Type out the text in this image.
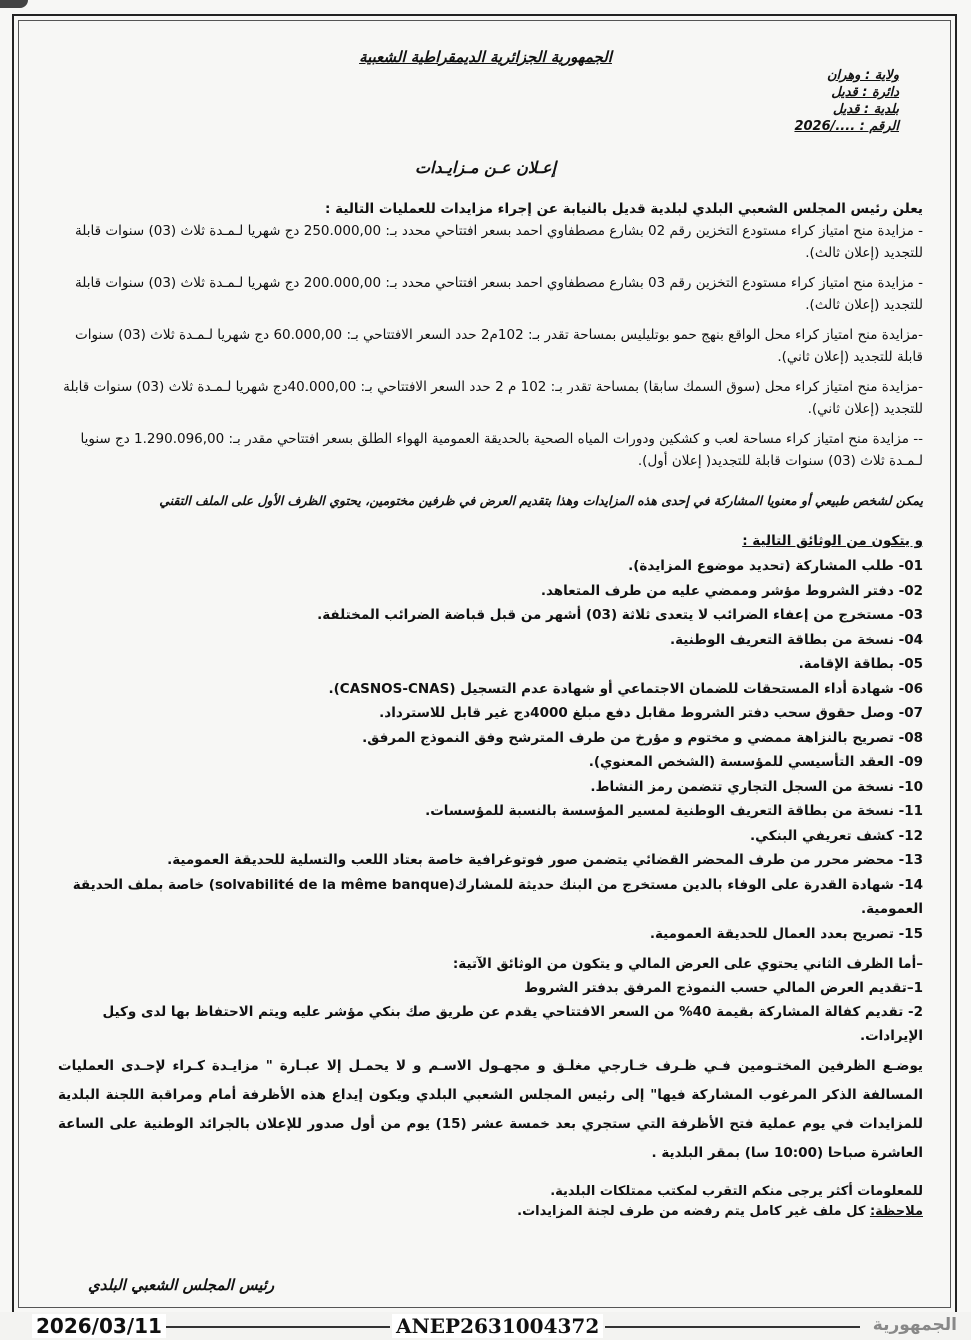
الجمهورية الجزائرية الديمقراطية الشعبية
ولاية : وهران
دائرة : قديل
بلدية : قديل
الرقم : ..../2026
إعـلان عـن مـزايـدات

يعلن رئيس المجلس الشعبي البلدي لبلدية قديل بالنيابة عن إجراء مزايدات للعمليات التالية :

- مزايدة منح امتياز كراء مستودع التخزين رقم 02 بشارع مصطفاوي احمد بسعر افتتاحي محدد بـ: 250.000,00 دج شهريا لـمـدة ثلاث (03) سنوات قابلة للتجديد (إعلان ثالث).

- مزايدة منح امتياز كراء مستودع التخزين رقم 03 بشارع مصطفاوي احمد بسعر افتتاحي محدد بـ: 200.000,00 دج شهريا لـمـدة ثلاث (03) سنوات قابلة للتجديد (إعلان ثالث).

-مزايدة منح امتياز كراء محل الواقع بنهج حمو بوتليليس بمساحة تقدر بـ: 102م2 حدد السعر الافتتاحي بـ: 60.000,00 دج شهريا لـمـدة ثلاث (03) سنوات قابلة للتجديد (إعلان ثاني).

-مزايدة منح امتياز كراء محل (سوق السمك سابقا) بمساحة تقدر بـ: 102 م 2 حدد السعر الافتتاحي بـ: 40.000,00دج شهريا لـمـدة ثلاث (03) سنوات قابلة للتجديد (إعلان ثاني).

-- مزايدة منح امتياز كراء مساحة لعب و كشكين ودورات المياه الصحية بالحديقة العمومية الهواء الطلق بسعر افتتاحي مقدر بـ: 1.290.096,00 دج سنويا لـمـدة ثلاث (03) سنوات قابلة للتجديد( إعلان أول).

يمكن لشخص طبيعي أو معنويا المشاركة في إحدى هذه المزايدات وهذا بتقديم العرض في ظرفين مختومين، يحتوي الظرف الأول على الملف التقني

و يتكون من الوثائق التالية :

01- طلب المشاركة (تحديد موضوع المزايدة).
02- دفتر الشروط مؤشر وممضي عليه من طرف المتعاهد.
03- مستخرج من إعفاء الضرائب لا يتعدى ثلاثة (03) أشهر من قبل قباضة الضرائب المختلفة.
04- نسخة من بطاقة التعريف الوطنية.
05- بطاقة الإقامة.
06- شهادة أداء المستحقات للضمان الاجتماعي أو شهادة عدم التسجيل (CASNOS-CNAS).
07- وصل حقوق سحب دفتر الشروط مقابل دفع مبلغ 4000دج غير قابل للاسترداد.
08- تصريح بالنزاهة ممضي و مختوم و مؤرخ من طرف المترشح وفق النموذج المرفق.
09- العقد التأسيسي للمؤسسة (الشخص المعنوي).
10- نسخة من السجل التجاري تتضمن رمز النشاط.
11- نسخة من بطاقة التعريف الوطنية لمسير المؤسسة بالنسبة للمؤسسات.
12- كشف تعريفي البنكي.
13- محضر محرر من طرف المحضر القضائي يتضمن صور فوتوغرافية خاصة بعتاد اللعب والتسلية للحديقة العمومية.
14- شهادة القدرة على الوفاء بالدين مستخرج من البنك حديثة للمشارك(solvabilité de la même banque) خاصة بملف الحديقة العمومية.
15- تصريح بعدد العمال للحديقة العمومية.

–أما الظرف الثاني يحتوي على العرض المالي و يتكون من الوثائق الآتية:

1–تقديم العرض المالي حسب النموذج المرفق بدفتر الشروط

2- تقديم كفالة المشاركة بقيمة 40% من السعر الافتتاحي يقدم عن طريق صك بنكي مؤشر عليه ويتم الاحتفاظ بها لدى وكيل الإيرادات.

يوضـع الظرفين المختـومين فـي ظـرف خـارجي مغلـق و مجهـول الاسـم و لا يحمـل إلا عبـارة " مزايـدة كـراء لإحـدى العمليات المسالفة الذكر المرغوب المشاركة فيها" إلى رئيس المجلس الشعبي البلدي ويكون إيداع هذه الأظرفة أمام ومراقبة اللجنة البلدية للمزايدات في يوم عملية فتح الأظرفة التي ستجري بعد خمسة عشر (15) يوم من أول صدور للإعلان بالجرائد الوطنية على الساعة العاشرة صباحا (10:00 سا) بمقر البلدية .

للمعلومات أكثر يرجى منكم التقرب لمكتب ممتلكات البلدية.
ملاحظة: كل ملف غير كامل يتم رفضه من طرف لجنة المزايدات.
رئيس المجلس الشعبي البلدي
2026/03/11	ANEP2631004372	الجمهورية
